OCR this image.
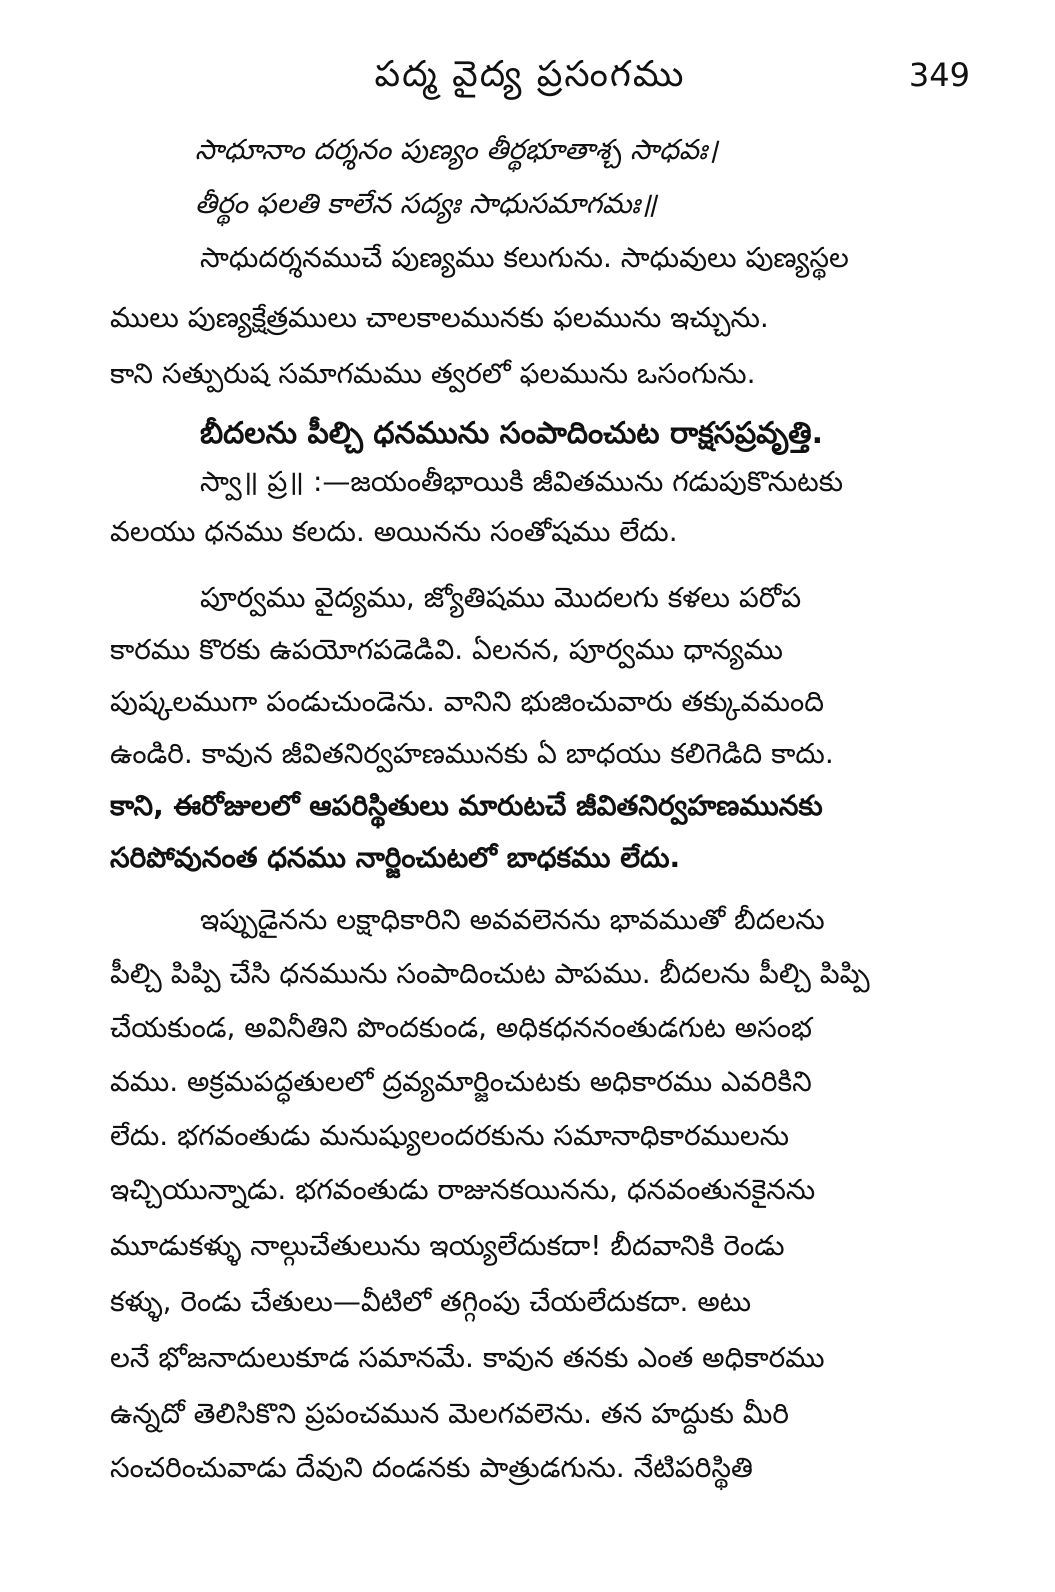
పద్మ వైద్య ప్రసంగము	349
సాధూనాం దర్శనం పుణ్యం తీర్థభూతాశ్చ సాధవః।
తీర్థం ఫలతి కాలేన సద్యః సాధుసమాగమః॥
సాధుదర్శనముచే పుణ్యము కలుగును. సాధువులు పుణ్యస్థల
ములు పుణ్యక్షేత్రములు చాలకాలమునకు ఫలమును ఇచ్చును.
కాని సత్పురుష సమాగమము త్వరలో ఫలమును ఒసంగును.
బీదలను పీల్చి ధనమును సంపాదించుట రాక్షసప్రవృత్తి.
స్వా॥ ప్ర॥ :—జయంతీభాయికి జీవితమును గడుపుకొనుటకు
వలయు ధనము కలదు. అయినను సంతోషము లేదు.
పూర్వము వైద్యము, జ్యోతిషము మొదలగు కళలు పరోప
కారము కొరకు ఉపయోగపడెడివి. ఏలనన, పూర్వము ధాన్యము
పుష్కలముగా పండుచుండెను. వానిని భుజించువారు తక్కువమంది
ఉండిరి. కావున జీవితనిర్వహణమునకు ఏ బాధయు కలిగెడిది కాదు.
కాని, ఈరోజులలో ఆపరిస్థితులు మారుటచే జీవితనిర్వహణమునకు
సరిపోవునంత ధనము నార్జించుటలో బాధకము లేదు.
ఇప్పుడైనను లక్షాధికారిని అవవలెనను భావముతో బీదలను
పీల్చి పిప్పి చేసి ధనమును సంపాదించుట పాపము. బీదలను పీల్చి పిప్పి
చేయకుండ, అవినీతిని పొందకుండ, అధికధననంతుడగుట అసంభ
వము. అక్రమపద్ధతులలో ద్రవ్యమార్జించుటకు అధికారము ఎవరికిని
లేదు. భగవంతుడు మనుష్యులందరకును సమానాధికారములను
ఇచ్చియున్నాడు. భగవంతుడు రాజునకయినను, ధనవంతునకైనను
మూడుకళ్ళు నాల్గుచేతులును ఇయ్యలేదుకదా! బీదవానికి రెండు
కళ్ళు, రెండు చేతులు—వీటిలో తగ్గింపు చేయలేదుకదా. అటు
లనే భోజనాదులుకూడ సమానమే. కావున తనకు ఎంత అధికారము
ఉన్నదో తెలిసికొని ప్రపంచమున మెలగవలెను. తన హద్దుకు మీరి
సంచరించువాడు దేవుని దండనకు పాత్రుడగును. నేటిపరిస్థితి
